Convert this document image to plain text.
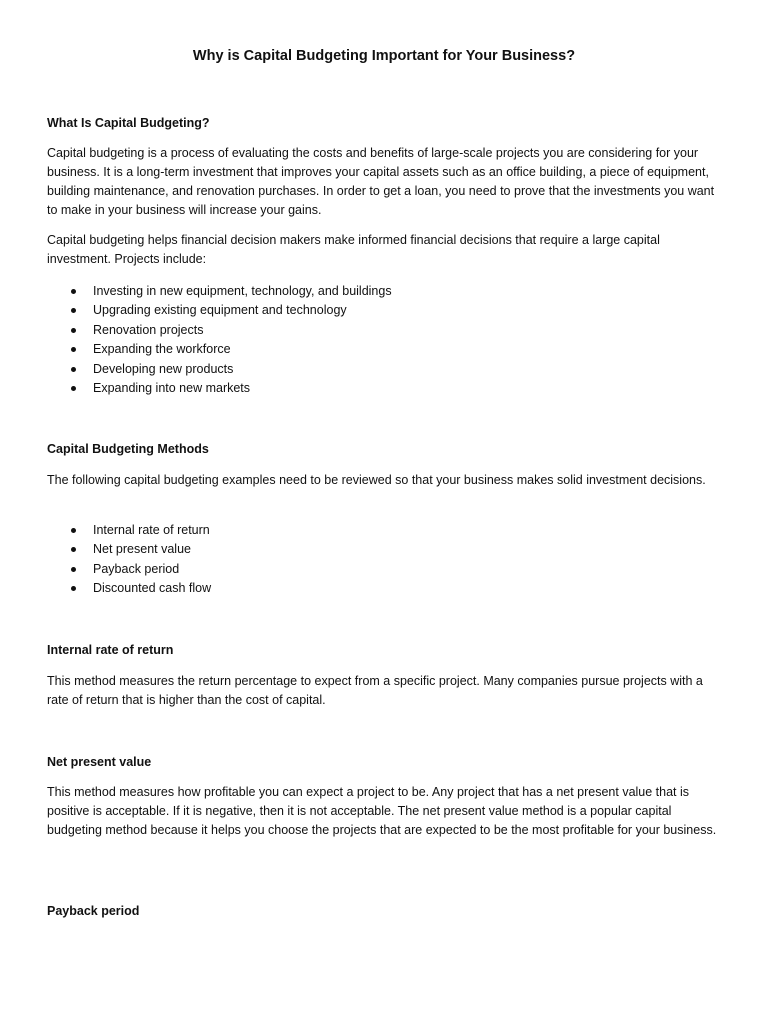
Why is Capital Budgeting Important for Your Business?
What Is Capital Budgeting?

Capital budgeting is a process of evaluating the costs and benefits of large-scale projects you are considering for your business. It is a long-term investment that improves your capital assets such as an office building, a piece of equipment, building maintenance, and renovation purchases. In order to get a loan, you need to prove that the investments you want to make in your business will increase your gains.

Capital budgeting helps financial decision makers make informed financial decisions that require a large capital investment. Projects include:

Investing in new equipment, technology, and buildings
Upgrading existing equipment and technology
Renovation projects
Expanding the workforce
Developing new products
Expanding into new markets
Capital Budgeting Methods

The following capital budgeting examples need to be reviewed so that your business makes solid investment decisions.

Internal rate of return
Net present value
Payback period
Discounted cash flow
Internal rate of return

This method measures the return percentage to expect from a specific project. Many companies pursue projects with a rate of return that is higher than the cost of capital.

Net present value

This method measures how profitable you can expect a project to be. Any project that has a net present value that is positive is acceptable. If it is negative, then it is not acceptable. The net present value method is a popular capital budgeting method because it helps you choose the projects that are expected to be the most profitable for your business.

Payback period
